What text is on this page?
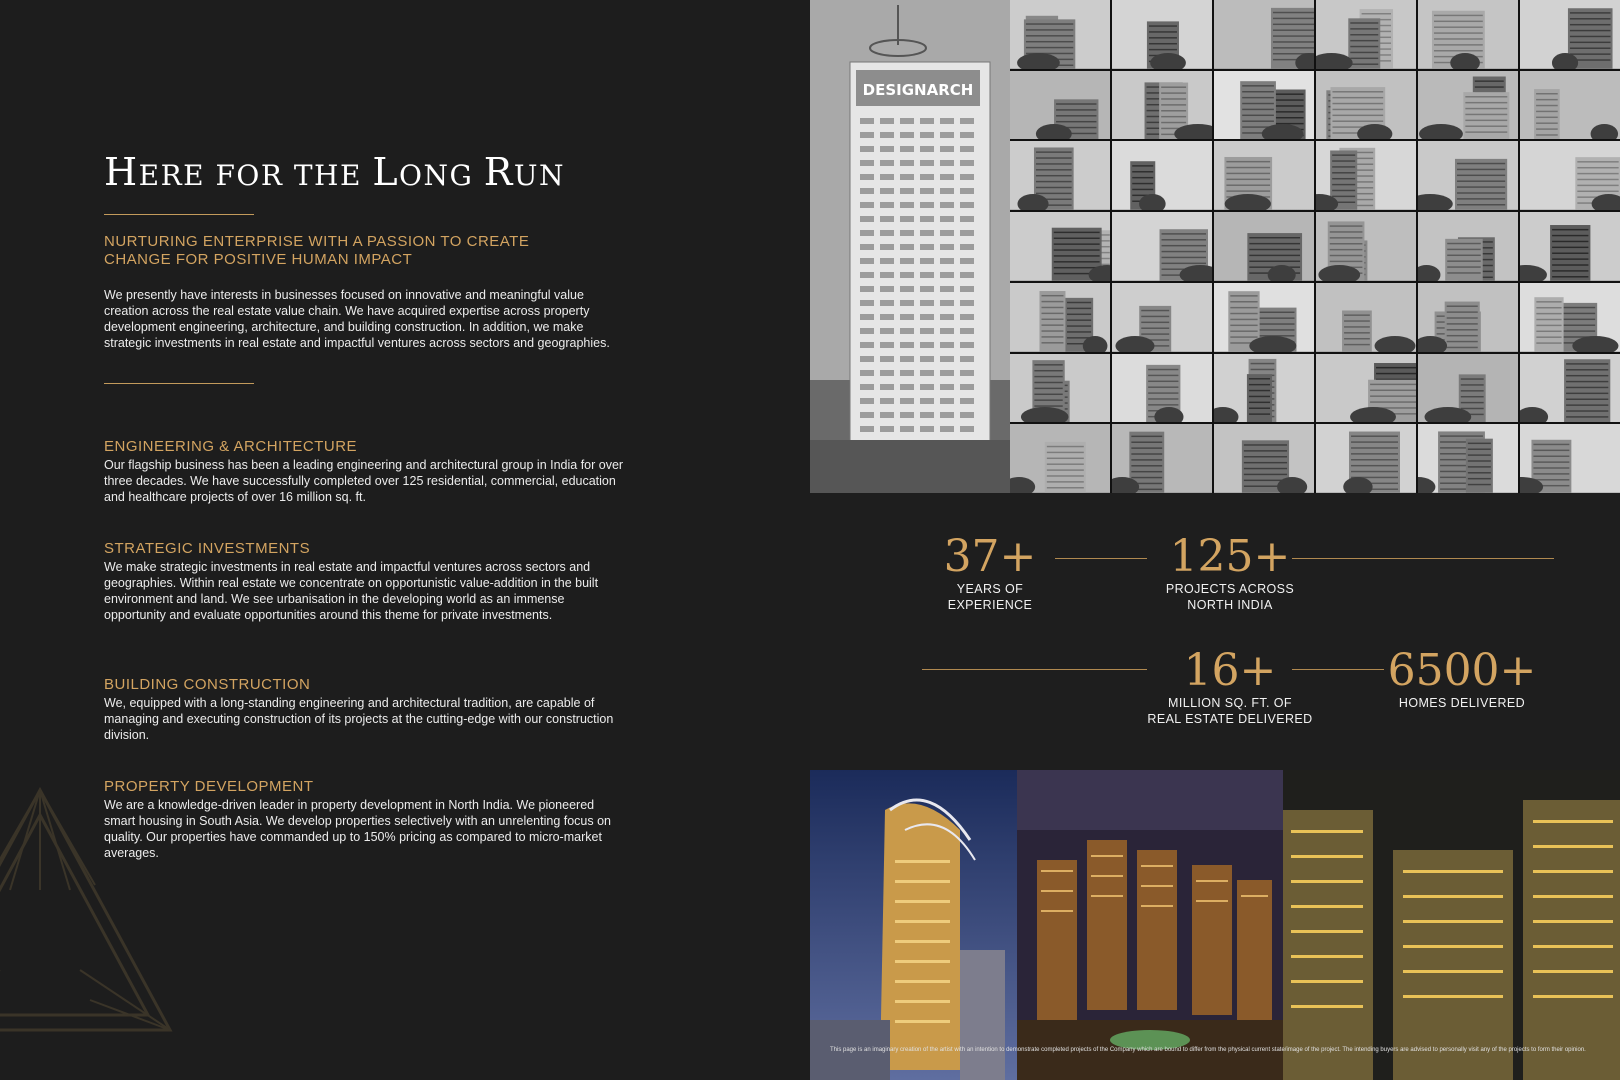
HERE FOR THE LONG RUN
NURTURING ENTERPRISE WITH A PASSION TO CREATE
CHANGE FOR POSITIVE HUMAN IMPACT

We presently have interests in businesses focused on innovative and meaningful value creation across the real estate value chain. We have acquired expertise across property development engineering, architecture, and building construction. In addition, we make strategic investments in real estate and impactful ventures across sectors and geographies.

ENGINEERING & ARCHITECTURE

Our flagship business has been a leading engineering and architectural group in India for over three decades. We have successfully completed over 125 residential, commercial, education and healthcare projects of over 16 million sq. ft.

STRATEGIC INVESTMENTS

We make strategic investments in real estate and impactful ventures across sectors and geographies. Within real estate we concentrate on opportunistic value-addition in the built environment and land. We see urbanisation in the developing world as an immense opportunity and evaluate opportunities around this theme for private investments.

BUILDING CONSTRUCTION

We, equipped with a long-standing engineering and architectural tradition, are capable of managing and executing construction of its projects at the cutting-edge with our construction division.

PROPERTY DEVELOPMENT

We are a knowledge-driven leader in property development in North India. We pioneered smart housing in South Asia. We develop properties selectively with an unrelenting focus on quality. Our properties have commanded up to 150% pricing as compared to micro-market averages.

DESIGNARCH
37+
YEARS OF
EXPERIENCE
125+
PROJECTS ACROSS
NORTH INDIA
16+
MILLION SQ. FT. OF
REAL ESTATE DELIVERED
6500+
HOMES DELIVERED
This page is an imaginary creation of the artist with an intention to demonstrate completed projects of the Company which are bound to differ from the physical current state/image of the project. The intending buyers are advised to personally visit any of the projects to form their opinion.
